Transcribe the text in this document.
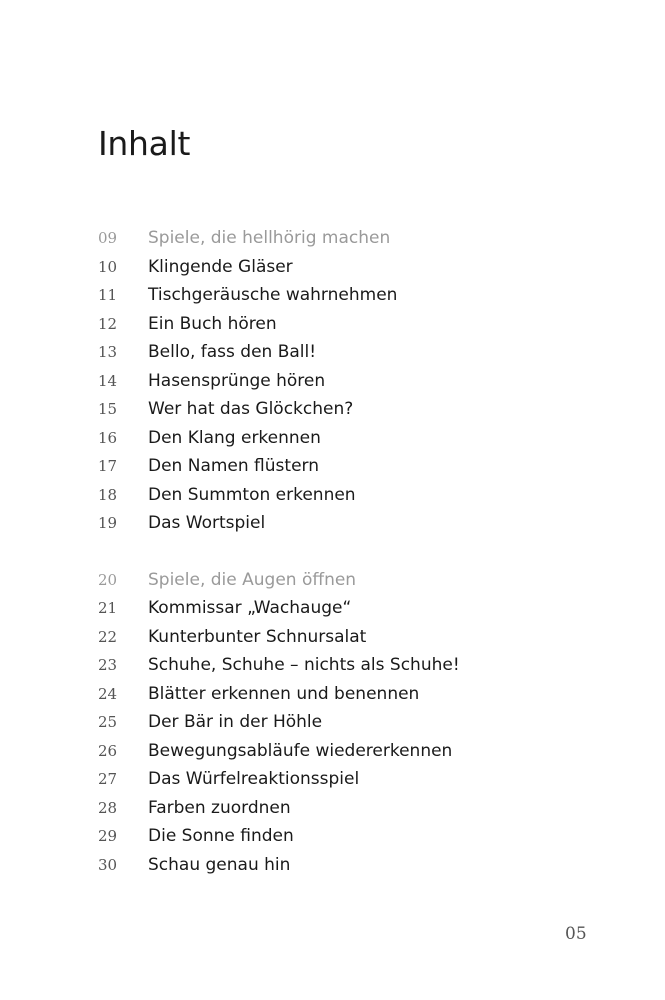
Inhalt
09	Spiele, die hellhörig machen
10	Klingende Gläser
11	Tischgeräusche wahrnehmen
12	Ein Buch hören
13	Bello, fass den Ball!
14	Hasensprünge hören
15	Wer hat das Glöckchen?
16	Den Klang erkennen
17	Den Namen flüstern
18	Den Summton erkennen
19	Das Wortspiel
20	Spiele, die Augen öffnen
21	Kommissar „Wachauge“
22	Kunterbunter Schnursalat
23	Schuhe, Schuhe – nichts als Schuhe!
24	Blätter erkennen und benennen
25	Der Bär in der Höhle
26	Bewegungsabläufe wiedererkennen
27	Das Würfelreaktionsspiel
28	Farben zuordnen
29	Die Sonne finden
30	Schau genau hin
05
